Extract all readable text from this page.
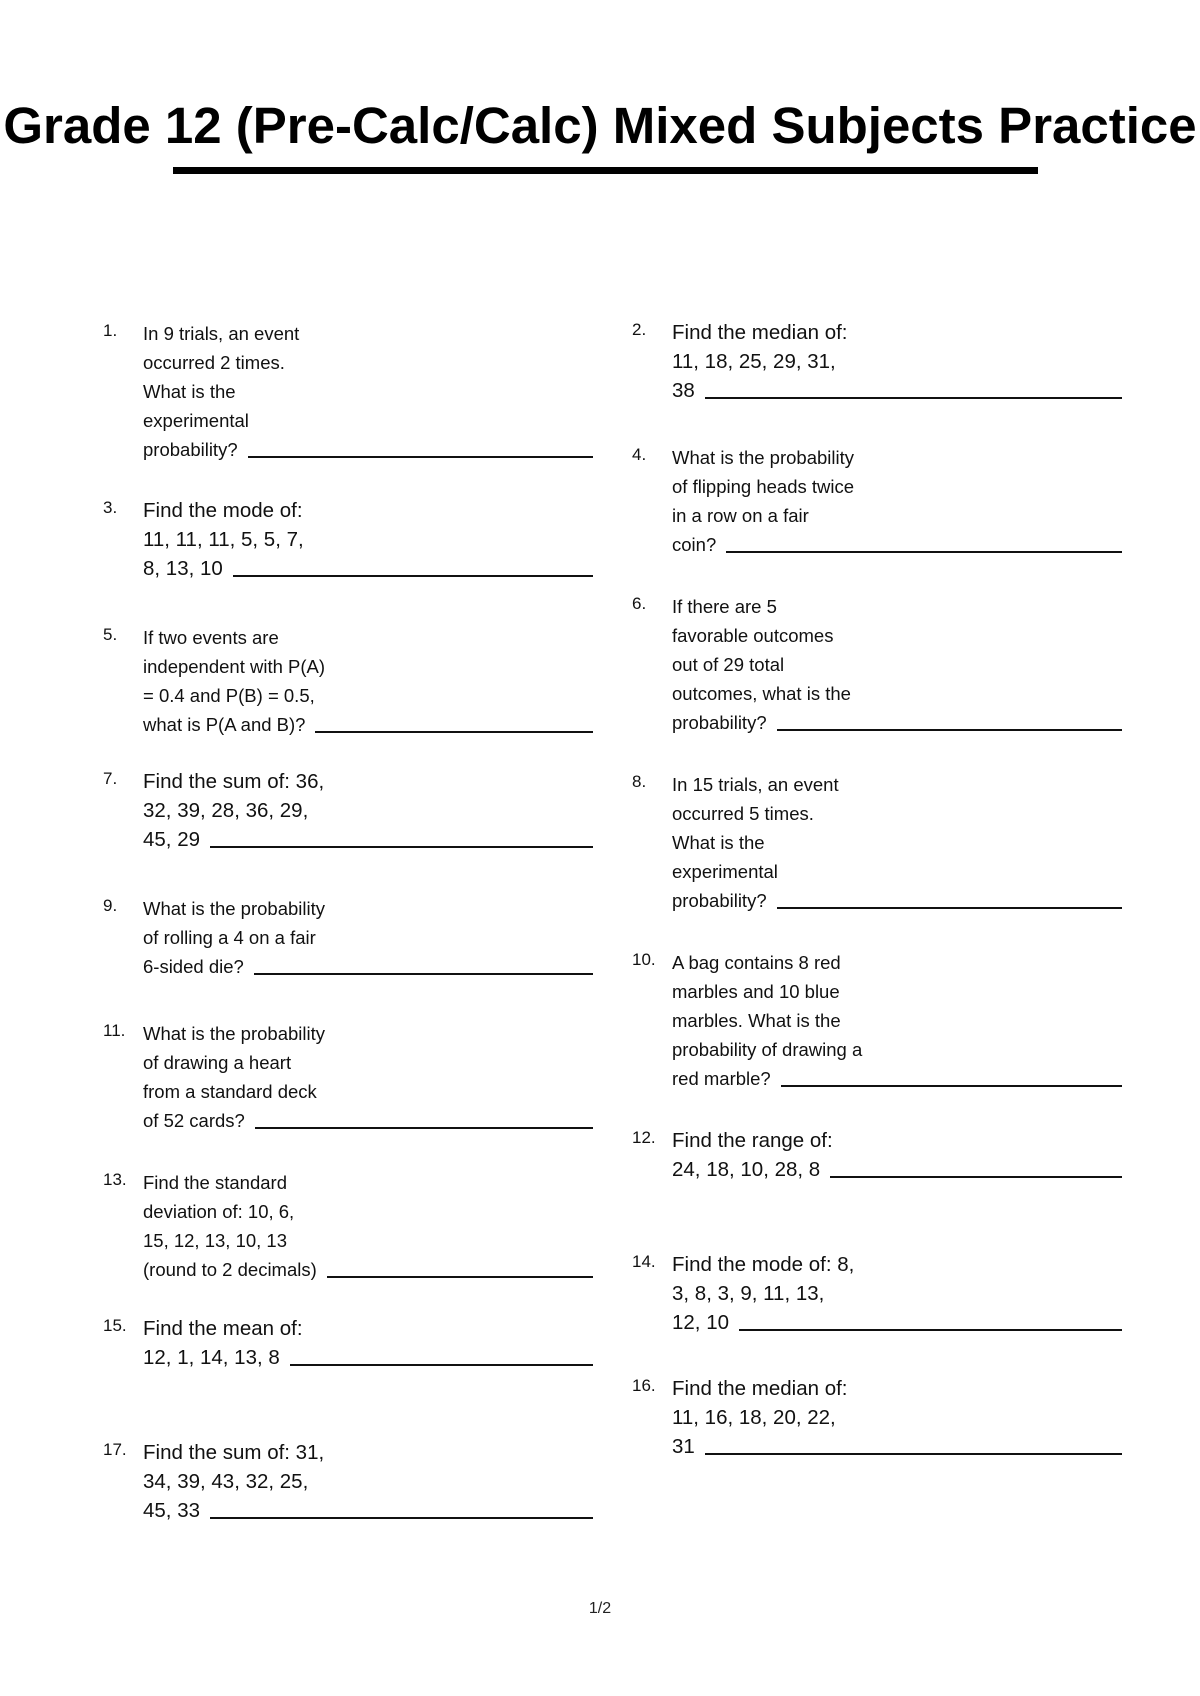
Grade 12 (Pre-Calc/Calc) Mixed Subjects Practice
1.	In 9 trials, an event
occurred 2 times.
What is the
experimental
probability?
3.	Find the mode of:
11, 11, 11, 5, 5, 7,
8, 13, 10
5.	If two events are
independent with P(A)
= 0.4 and P(B) = 0.5,
what is P(A and B)?
7.	Find the sum of: 36,
32, 39, 28, 36, 29,
45, 29
9.	What is the probability
of rolling a 4 on a fair
6-sided die?
11. What is the probability
of drawing a heart
from a standard deck
of 52 cards?
13. Find the standard
deviation of: 10, 6,
15, 12, 13, 10, 13
(round to 2 decimals)
15. Find the mean of:
12, 1, 14, 13, 8
17. Find the sum of: 31,
34, 39, 43, 32, 25,
45, 33
2.	Find the median of:
11, 18, 25, 29, 31,
38
4.	What is the probability
of flipping heads twice
in a row on a fair
coin?
6.	If there are 5
favorable outcomes
out of 29 total
outcomes, what is the
probability?
8.	In 15 trials, an event
occurred 5 times.
What is the
experimental
probability?
10. A bag contains 8 red
marbles and 10 blue
marbles. What is the
probability of drawing a
red marble?
12. Find the range of:
24, 18, 10, 28, 8
14. Find the mode of: 8,
3, 8, 3, 9, 11, 13,
12, 10
16. Find the median of:
11, 16, 18, 20, 22,
31
1/2
